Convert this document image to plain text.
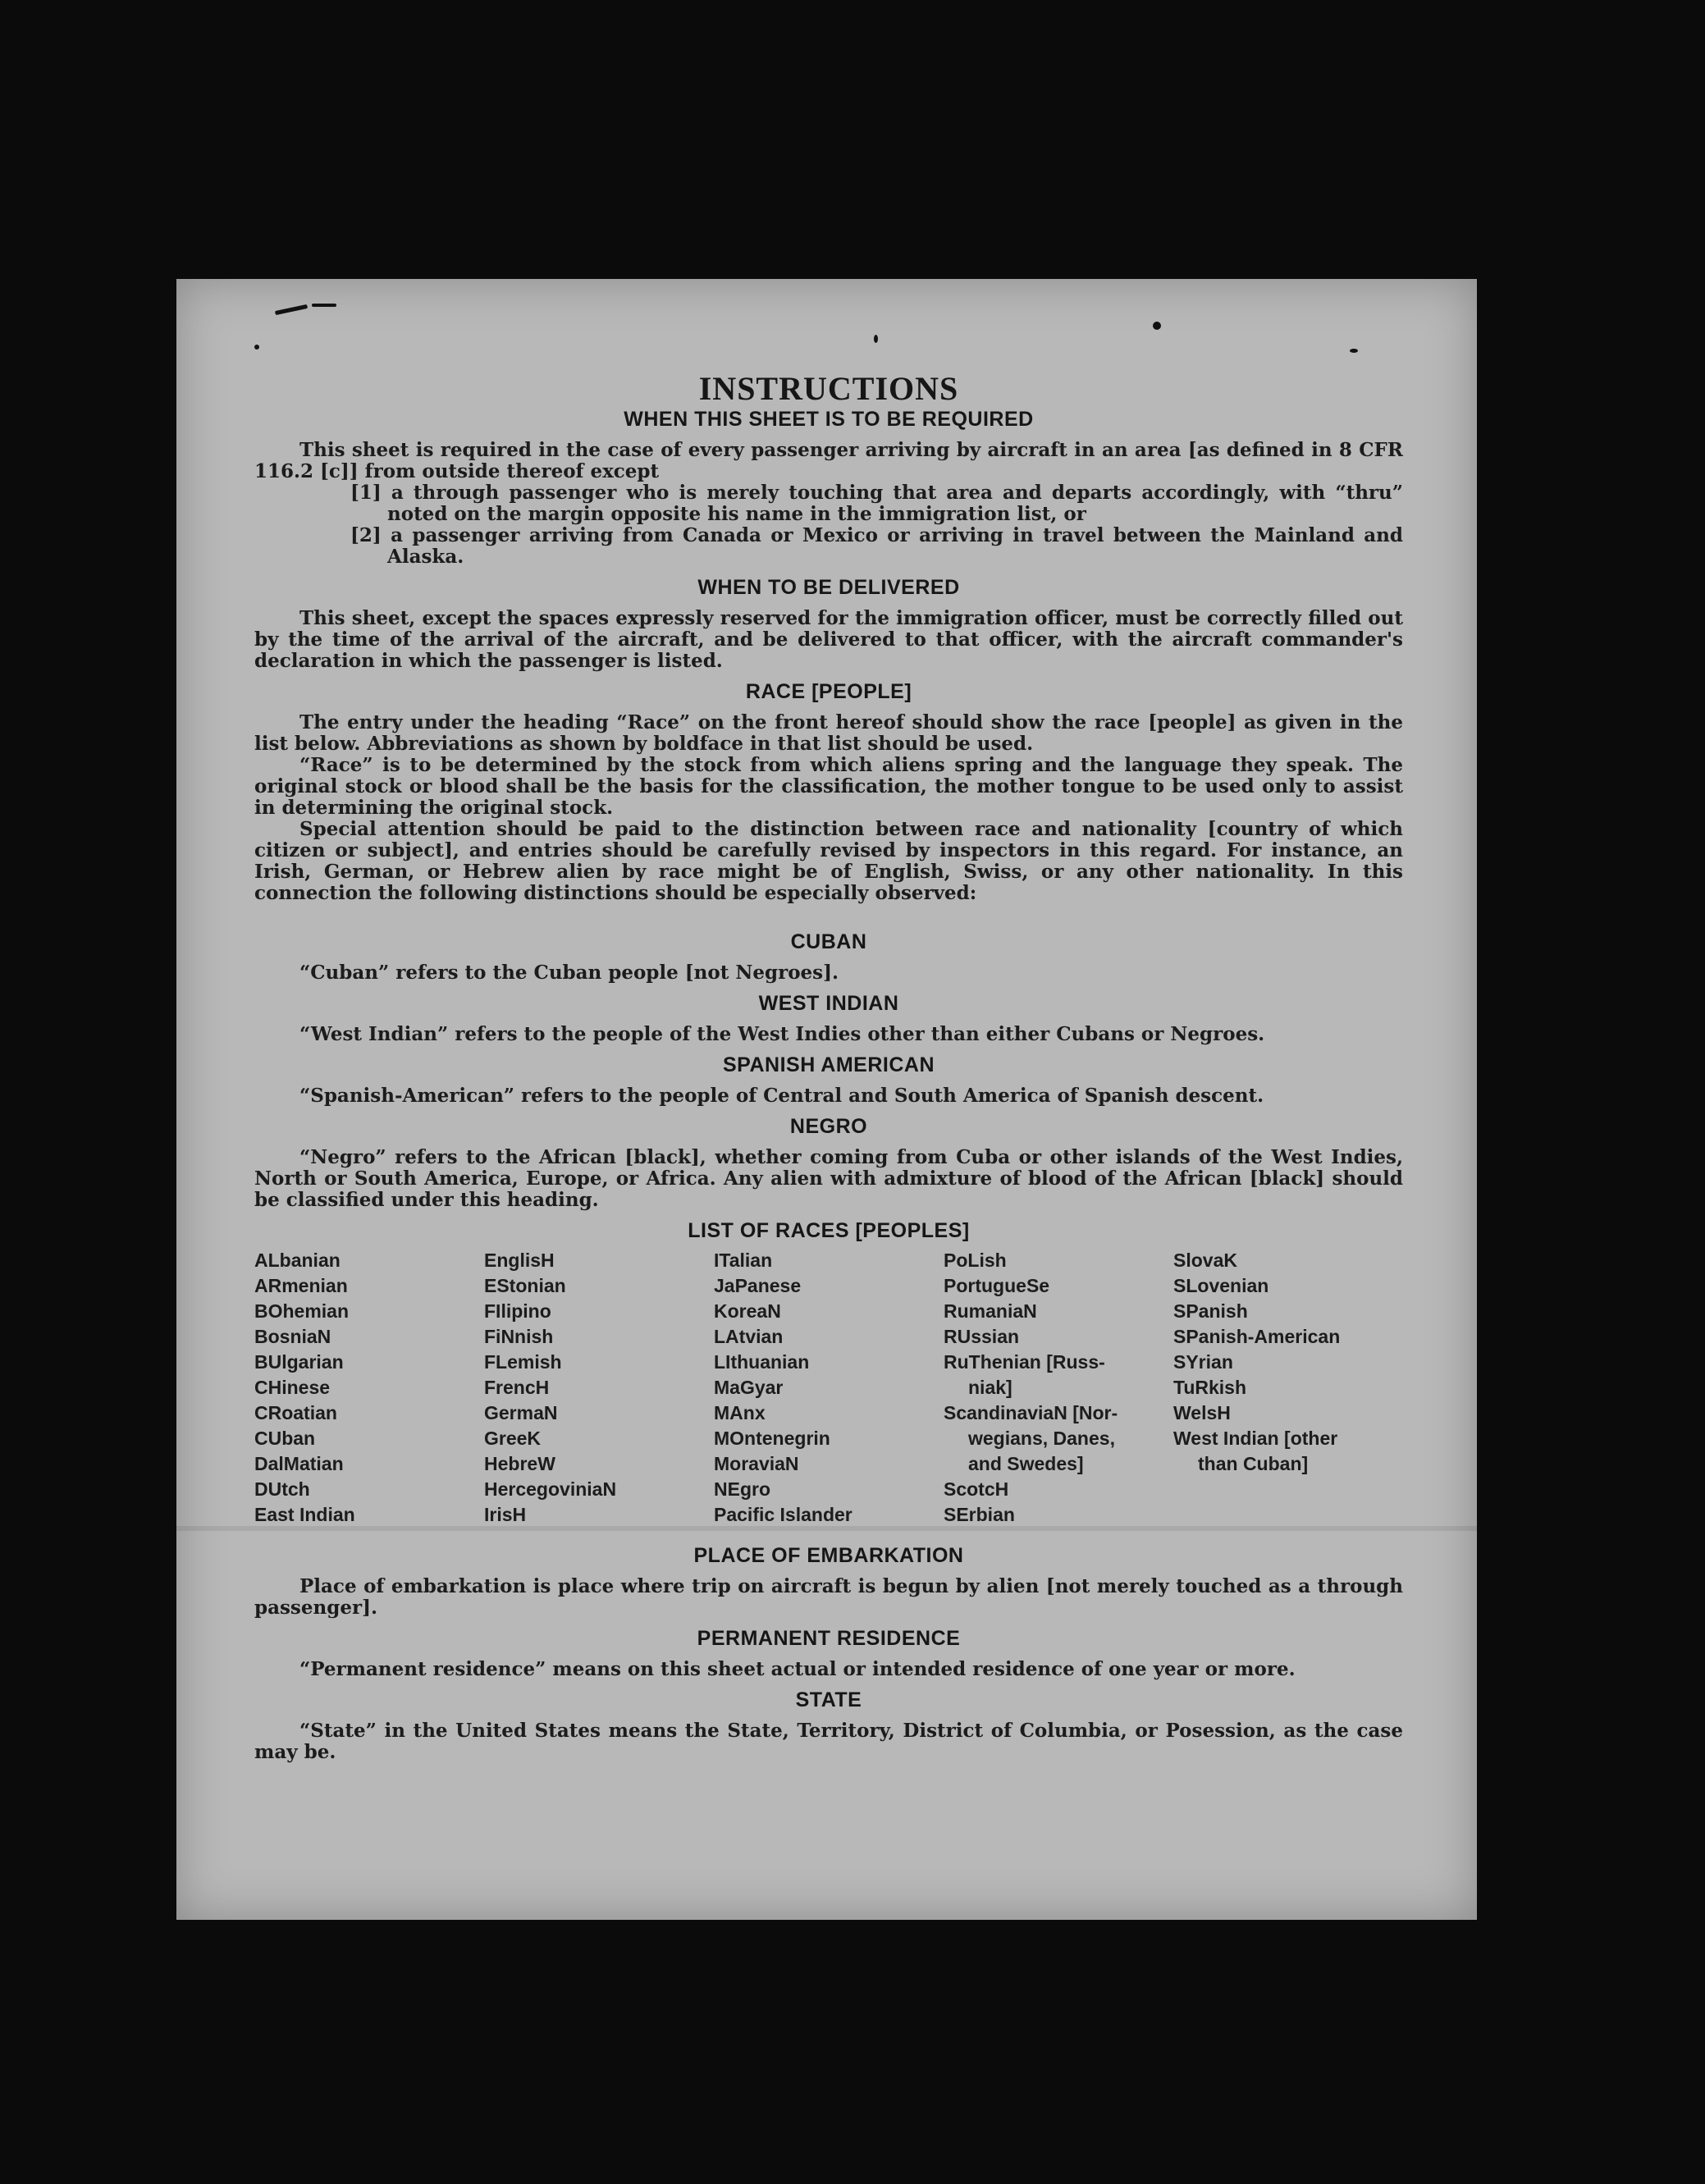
INSTRUCTIONS
WHEN THIS SHEET IS TO BE REQUIRED

This sheet is required in the case of every passenger arriving by aircraft in an area [as defined in 8 CFR 116.2 [c]] from outside thereof except

[1] a through passenger who is merely touching that area and departs accordingly, with “thru” noted on the margin opposite his name in the immigration list, or

[2] a passenger arriving from Canada or Mexico or arriving in travel between the Mainland and Alaska.

WHEN TO BE DELIVERED

This sheet, except the spaces expressly reserved for the immigration officer, must be correctly filled out by the time of the arrival of the aircraft, and be delivered to that officer, with the aircraft commander's declaration in which the passenger is listed.

RACE [PEOPLE]

The entry under the heading “Race” on the front hereof should show the race [people] as given in the list below. Abbreviations as shown by boldface in that list should be used.

“Race” is to be determined by the stock from which aliens spring and the language they speak. The original stock or blood shall be the basis for the classification, the mother tongue to be used only to assist in determining the original stock.

Special attention should be paid to the distinction between race and nationality [country of which citizen or subject], and entries should be carefully revised by inspectors in this regard. For instance, an Irish, German, or Hebrew alien by race might be of English, Swiss, or any other nationality. In this connection the following distinctions should be especially observed:

CUBAN

“Cuban” refers to the Cuban people [not Negroes].

WEST INDIAN

“West Indian” refers to the people of the West Indies other than either Cubans or Negroes.

SPANISH AMERICAN

“Spanish-American” refers to the people of Central and South America of Spanish descent.

NEGRO

“Negro” refers to the African [black], whether coming from Cuba or other islands of the West Indies, North or South America, Europe, or Africa. Any alien with admixture of blood of the African [black] should be classified under this heading.

LIST OF RACES [PEOPLES]
ALbanian
ARmenian
BOhemian
BosniaN
BUlgarian
CHinese
CRoatian
CUban
DalMatian
DUtch
East Indian
EnglisH
EStonian
FIlipino
FiNnish
FLemish
FrencH
GermaN
GreeK
HebreW
HercegoviniaN
IrisH
ITalian
JaPanese
KoreaN
LAtvian
LIthuanian
MaGyar
MAnx
MOntenegrin
MoraviaN
NEgro
Pacific Islander
PoLish
PortugueSe
RumaniaN
RUssian
RuThenian [Russ-
niak]
ScandinaviaN [Nor-
wegians, Danes,
and Swedes]
ScotcH
SErbian
SlovaK
SLovenian
SPanish
SPanish-American
SYrian
TuRkish
WelsH
West Indian [other
than Cuban]
PLACE OF EMBARKATION

Place of embarkation is place where trip on aircraft is begun by alien [not merely touched as a through passenger].

PERMANENT RESIDENCE

“Permanent residence” means on this sheet actual or intended residence of one year or more.

STATE

“State” in the United States means the State, Territory, District of Columbia, or Posession, as the case may be.
